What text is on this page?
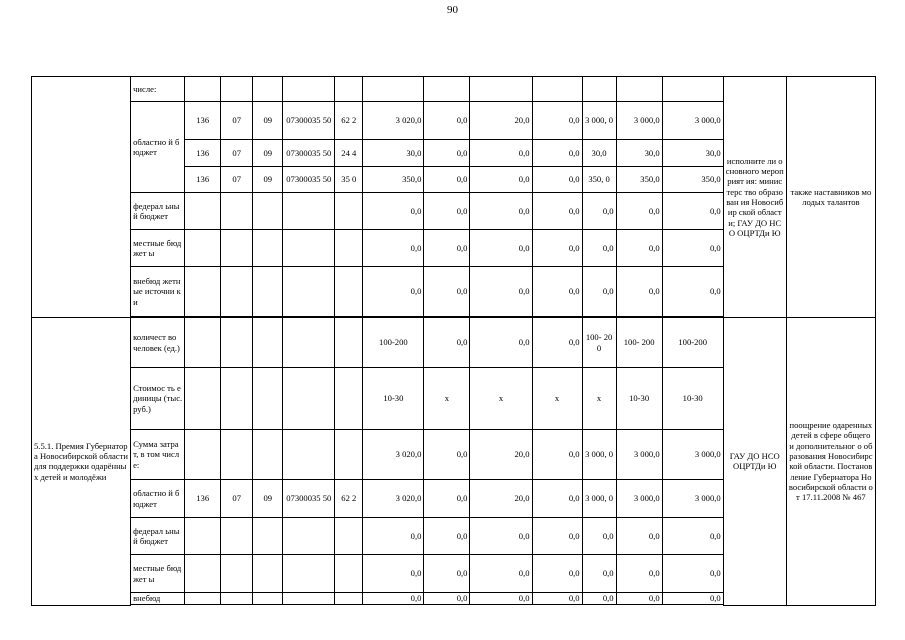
90
	числе:													исполните ли основного мероприят ия: министерс тво образован ия Новосибир ской области; ГАУ ДО НСО ОЦРТДи Ю	также наставников молодых талантов
	областно й бюджет	136	07	09	07300035 50	62 2	3 020,0	0,0	20,0	0,0	3 000, 0	3 000,0	3 000,0		
		136	07	09	07300035 50	24 4	30,0	0,0	0,0	0,0	30,0	30,0	30,0		
		136	07	09	07300035 50	35 0	350,0	0,0	0,0	0,0	350, 0	350,0	350,0		
	федерал ьный бюджет						0,0	0,0	0,0	0,0	0,0	0,0	0,0		
	местные бюджет ы						0,0	0,0	0,0	0,0	0,0	0,0	0,0		
	внебюд жетные источни ки						0,0	0,0	0,0	0,0	0,0	0,0	0,0		

5.5.1. Премия Губернатора Новосибирской области для поддержки одарённых детей и молодёжи	количест во человек (ед.)						100-200	0,0	0,0	0,0	100- 200	100- 200	100-200	ГАУ ДО НСО ОЦРТДи Ю	поощрение одаренных детей в сфере общего и дополнительног о образования Новосибирской области. Постановление Губернатора Новосибирской области от 17.11.2008 № 467
	Стоимос ть единицы (тыс. руб.)						10-30	x	x	x	x	10-30	10-30		
	Сумма затрат, в том числе:						3 020,0	0,0	20,0	0,0	3 000, 0	3 000,0	3 000,0		
	областно й бюджет	136	07	09	07300035 50	62 2	3 020,0	0,0	20,0	0,0	3 000, 0	3 000,0	3 000,0		
	федерал ьный бюджет						0,0	0,0	0,0	0,0	0,0	0,0	0,0		
	местные бюджет ы						0,0	0,0	0,0	0,0	0,0	0,0	0,0		
	внебюд						0,0	0,0	0,0	0,0	0,0	0,0	0,0		
